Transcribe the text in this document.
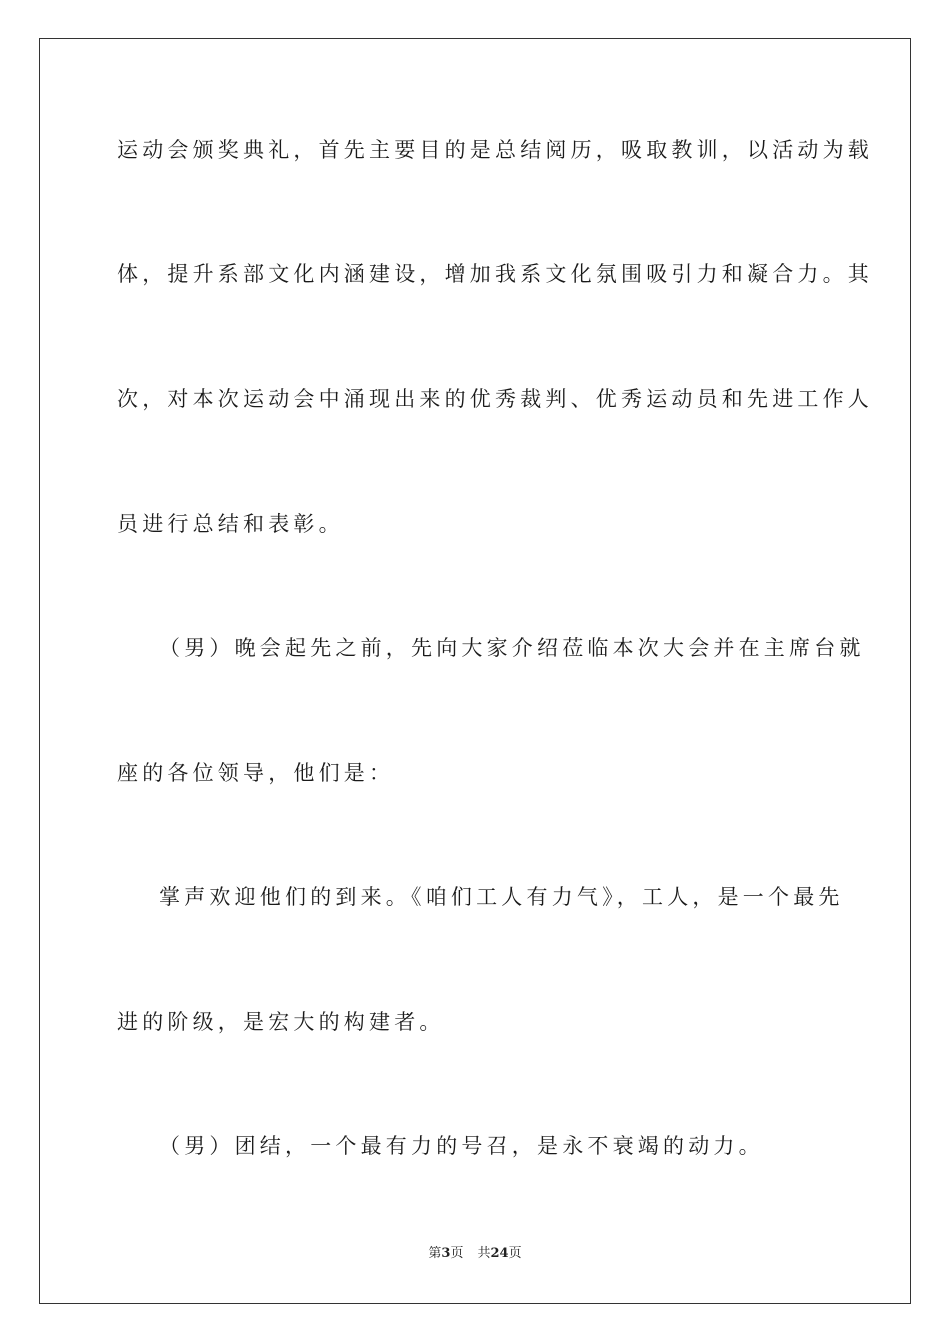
运动会颁奖典礼，首先主要目的是总结阅历，吸取教训，以活动为载

体，提升系部文化内涵建设，增加我系文化氛围吸引力和凝合力。其

次，对本次运动会中涌现出来的优秀裁判、优秀运动员和先进工作人

员进行总结和表彰。

（男）晚会起先之前，先向大家介绍莅临本次大会并在主席台就

座的各位领导，他们是：

掌声欢迎他们的到来。《咱们工人有力气》，工人，是一个最先

进的阶级，是宏大的构建者。

（男）团结，一个最有力的号召，是永不衰竭的动力。

第3页 共24页
